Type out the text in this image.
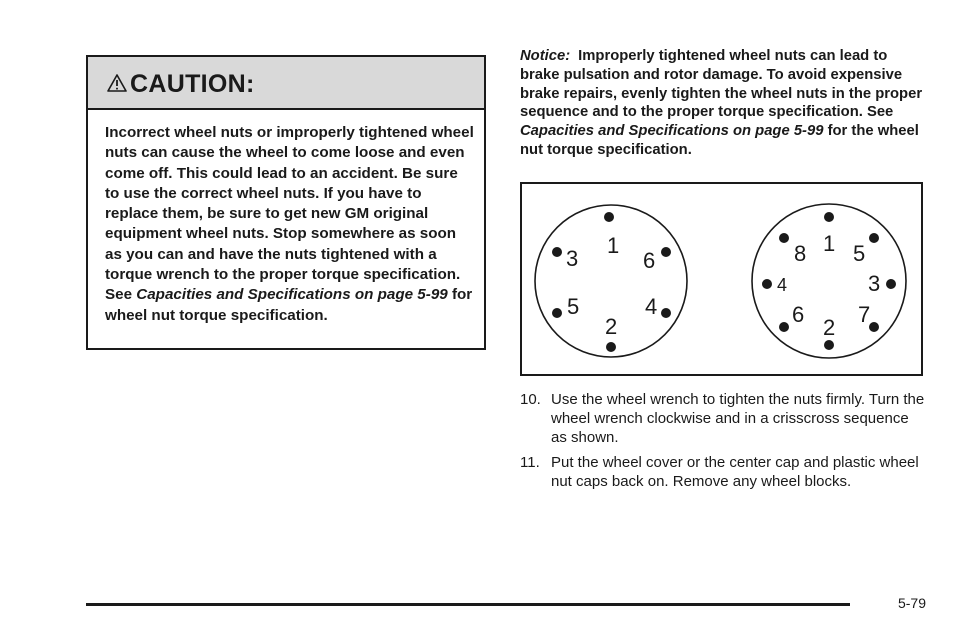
CAUTION:
Incorrect wheel nuts or improperly tightened wheel nuts can cause the wheel to come loose and even come off. This could lead to an accident. Be sure to use the correct wheel nuts. If you have to replace them, be sure to get new GM original equipment wheel nuts. Stop somewhere as soon as you can and have the nuts tightened with a torque wrench to the proper torque specification. See Capacities and Specifications on page 5-99 for wheel nut torque specification.
Notice: Improperly tightened wheel nuts can lead to brake pulsation and rotor damage. To avoid expensive brake repairs, evenly tighten the wheel nuts in the proper sequence and to the proper torque specification. See Capacities and Specifications on page 5-99 for the wheel nut torque specification.
1
2
3
4
5
6
1
2
3
4
5
6 7
8
10. Use the wheel wrench to tighten the nuts firmly. Turn the wheel wrench clockwise and in a crisscross sequence as shown.
11. Put the wheel cover or the center cap and plastic wheel nut caps back on. Remove any wheel blocks.
5-79
